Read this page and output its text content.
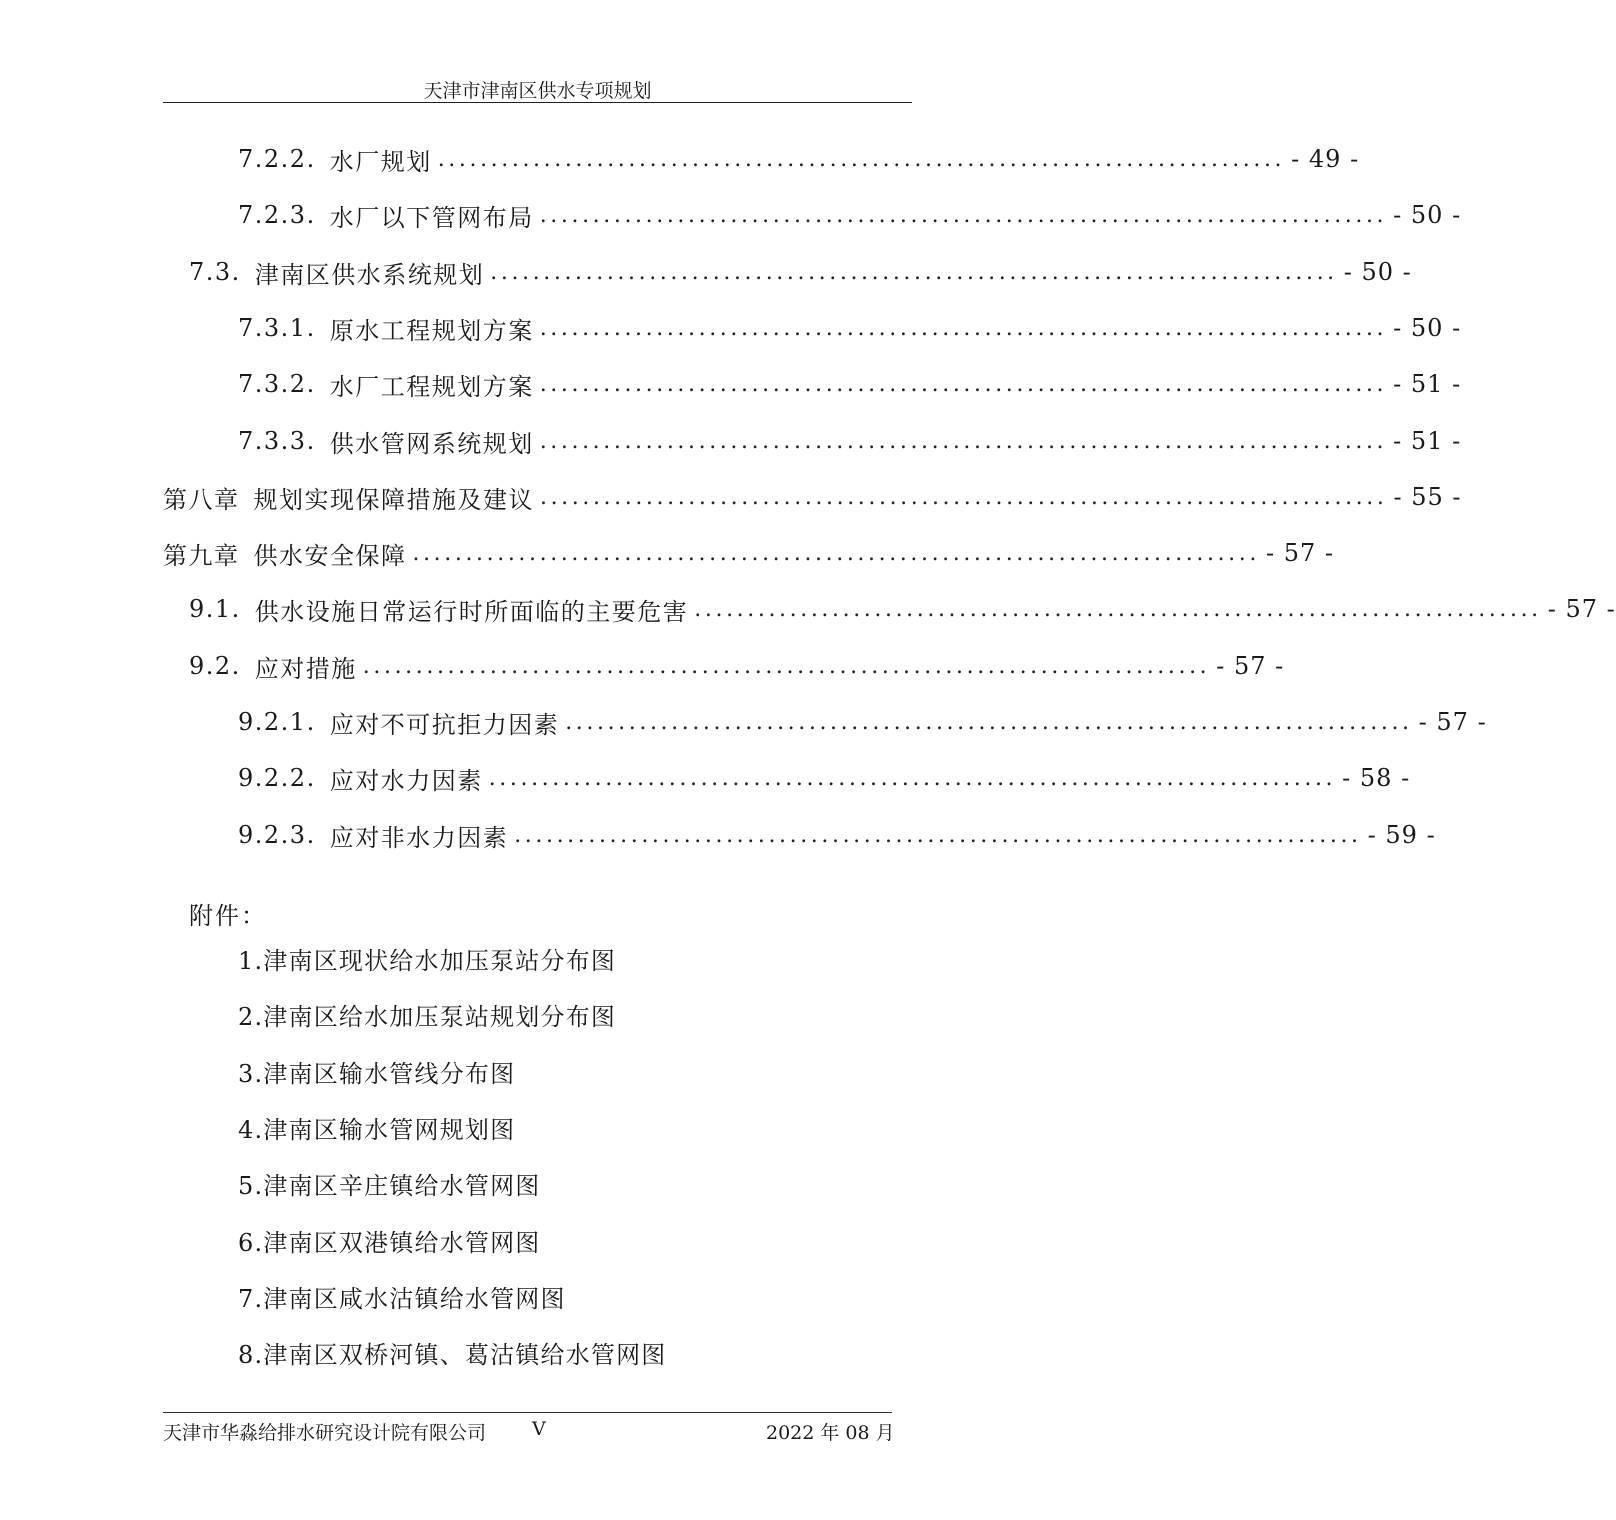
天津市津南区供水专项规划
7.2.2. 水厂规划 ................................................................................ - 49 -
7.2.3. 水厂以下管网布局 ................................................................................ - 50 -
7.3. 津南区供水系统规划 ................................................................................ - 50 -
7.3.1. 原水工程规划方案 ................................................................................ - 50 -
7.3.2. 水厂工程规划方案 ................................................................................ - 51 -
7.3.3. 供水管网系统规划 ................................................................................ - 51 -
第八章 规划实现保障措施及建议 ................................................................................ - 55 -
第九章 供水安全保障 ................................................................................ - 57 -
9.1. 供水设施日常运行时所面临的主要危害 ................................................................................ - 57 -
9.2. 应对措施 ................................................................................ - 57 -
9.2.1. 应对不可抗拒力因素 ................................................................................ - 57 -
9.2.2. 应对水力因素 ................................................................................ - 58 -
9.2.3. 应对非水力因素 ................................................................................ - 59 -
附件：
1.津南区现状给水加压泵站分布图
2.津南区给水加压泵站规划分布图
3.津南区输水管线分布图
4.津南区输水管网规划图
5.津南区辛庄镇给水管网图
6.津南区双港镇给水管网图
7.津南区咸水沽镇给水管网图
8.津南区双桥河镇、葛沽镇给水管网图
天津市华淼给排水研究设计院有限公司 V	2022 年 08 月
